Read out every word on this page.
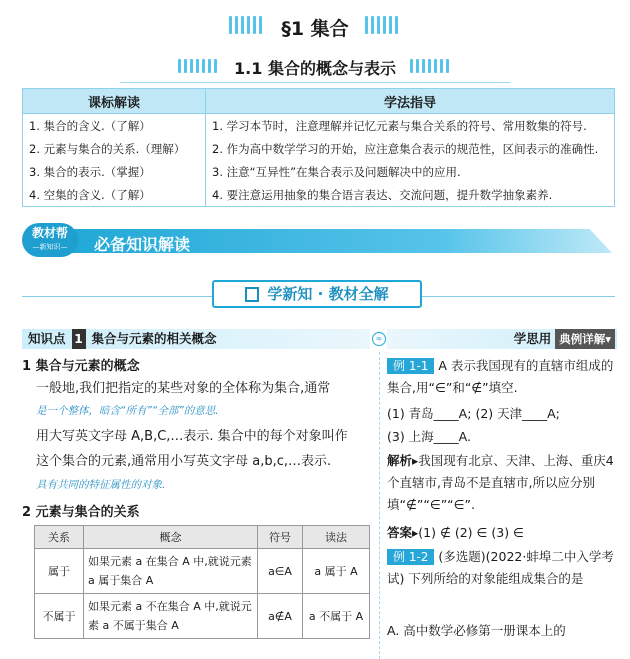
§1 集合
1.1 集合的概念与表示
课标解读	学法指导
1. 集合的含义.（了解）	1. 学习本节时，注意理解并记忆元素与集合关系的符号、常用数集的符号.
2. 元素与集合的关系.（理解）	2. 作为高中数学学习的开始，应注意集合表示的规范性，区间表示的准确性.
3. 集合的表示.（掌握）	3. 注意“互异性”在集合表示及问题解决中的应用.
4. 空集的含义.（了解）	4. 要注意运用抽象的集合语言表达、交流问题，提升数学抽象素养.
教材帮
—新知识—	必备知识解读
学新知 · 教材全解
知识点 1 集合与元素的相关概念	∞	学思用 典例详解▾
1 集合与元素的概念
一般地,我们把指定的某些对象的全体称为集合,通常
是一个整体，暗含“所有”“全部”的意思.
用大写英文字母 A,B,C,…表示. 集合中的每个对象叫作
这个集合的元素,通常用小写英文字母 a,b,c,…表示.
具有共同的特征属性的对象.
2 元素与集合的关系
关系	概念	符号	读法
属于	如果元素 a 在集合 A 中,就说元素 a 属于集合 A	a∈A	a 属于 A
不属于	如果元素 a 不在集合 A 中,就说元素 a 不属于集合 A	a∉A	a 不属于 A
例 1-1 A 表示我国现有的直辖市组成的集合,用“∈”和“∉”填空.
(1) 青岛____A; (2) 天津____A;
(3) 上海____A.
解析▸我国现有北京、天津、上海、重庆4个直辖市,青岛不是直辖市,所以应分别填“∉”“∈”“∈”.
答案▸(1) ∉ (2) ∈ (3) ∈
例 1-2 (多选题)(2022·蚌埠二中入学考试) 下列所给的对象能组成集合的是
A. 高中数学必修第一册课本上的
